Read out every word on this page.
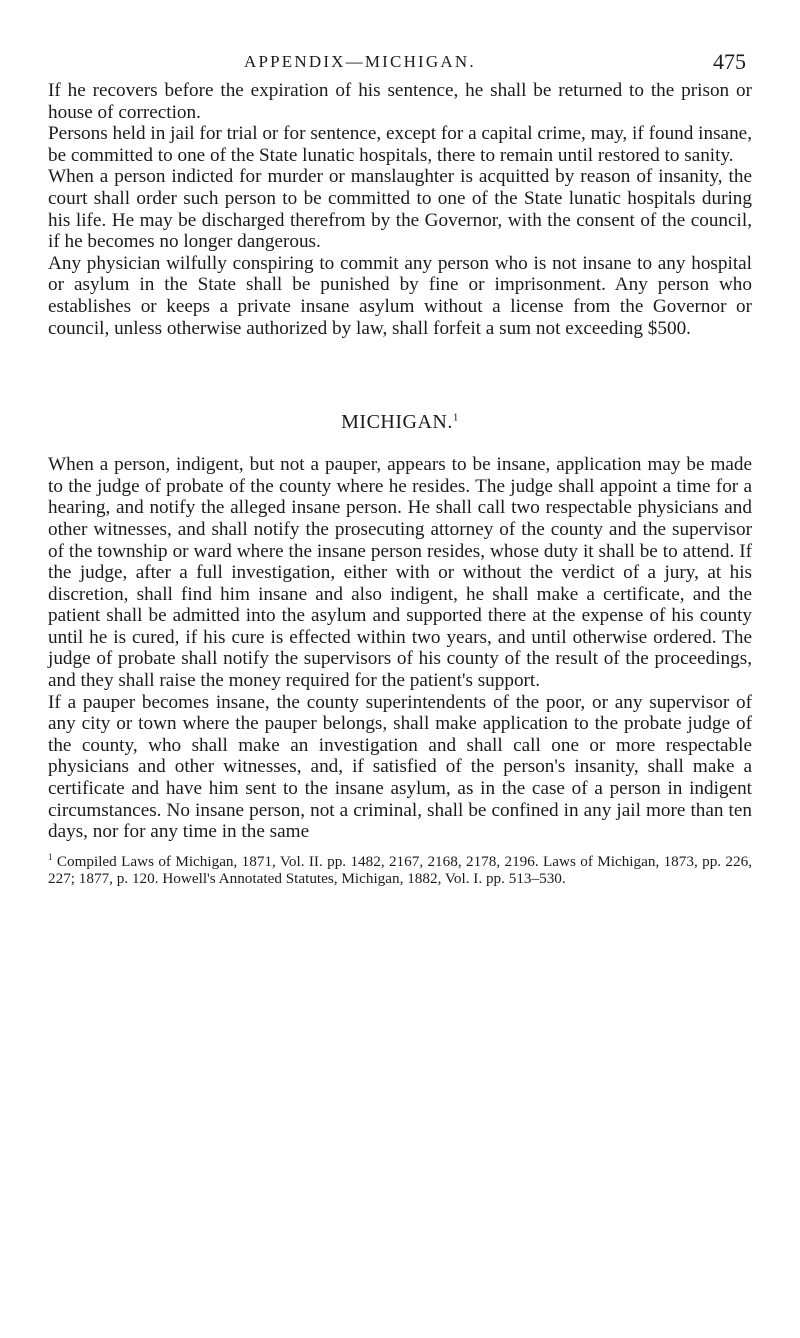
APPENDIX—MICHIGAN.	475

If he recovers before the expiration of his sentence, he shall be returned to the prison or house of correction.

Persons held in jail for trial or for sentence, except for a capital crime, may, if found insane, be committed to one of the State lunatic hospitals, there to remain until restored to sanity.

When a person indicted for murder or manslaughter is acquitted by reason of insanity, the court shall order such person to be committed to one of the State lunatic hospitals during his life. He may be discharged therefrom by the Governor, with the consent of the council, if he becomes no longer dangerous.

Any physician wilfully conspiring to commit any person who is not insane to any hospital or asylum in the State shall be punished by fine or imprisonment. Any person who establishes or keeps a private insane asylum without a license from the Governor or council, unless otherwise authorized by law, shall forfeit a sum not exceeding $500.

MICHIGAN.$^1$

When a person, indigent, but not a pauper, appears to be insane, application may be made to the judge of probate of the county where he resides. The judge shall appoint a time for a hearing, and notify the alleged insane person. He shall call two respectable physicians and other witnesses, and shall notify the prosecuting attorney of the county and the supervisor of the township or ward where the insane person resides, whose duty it shall be to attend. If the judge, after a full investigation, either with or without the verdict of a jury, at his discretion, shall find him insane and also indigent, he shall make a certificate, and the patient shall be admitted into the asylum and supported there at the expense of his county until he is cured, if his cure is effected within two years, and until otherwise ordered. The judge of probate shall notify the supervisors of his county of the result of the proceedings, and they shall raise the money required for the patient's support.

If a pauper becomes insane, the county superintendents of the poor, or any supervisor of any city or town where the pauper belongs, shall make application to the probate judge of the county, who shall make an investigation and shall call one or more respectable physicians and other witnesses, and, if satisfied of the person's insanity, shall make a certificate and have him sent to the insane asylum, as in the case of a person in indigent circumstances. No insane person, not a criminal, shall be confined in any jail more than ten days, nor for any time in the same

$^1$ Compiled Laws of Michigan, 1871, Vol. II. pp. 1482, 2167, 2168, 2178, 2196. Laws of Michigan, 1873, pp. 226, 227; 1877, p. 120. Howell's Annotated Statutes, Michigan, 1882, Vol. I. pp. 513–530.
